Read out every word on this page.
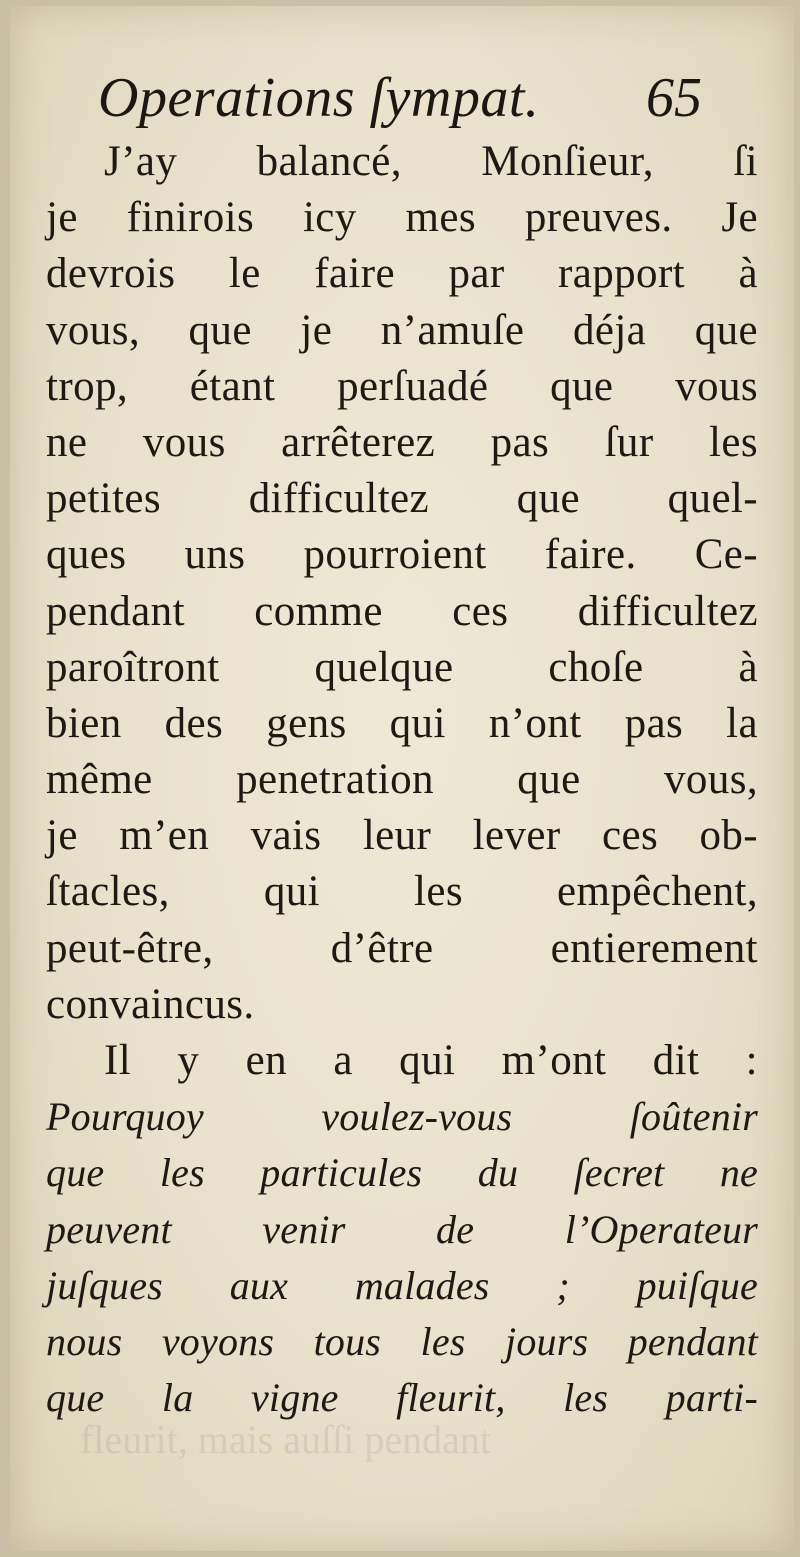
Operations ſympat. 65
J’ay balancé, Monſieur, ſi
je finirois icy mes preuves. Je
devrois le faire par rapport à
vous, que je n’amuſe déja que
trop, étant perſuadé que vous
ne vous arrêterez pas ſur les
petites difficultez que quel-
ques uns pourroient faire. Ce-
pendant comme ces difficultez
paroîtront quelque choſe à
bien des gens qui n’ont pas la
même penetration que vous,
je m’en vais leur lever ces ob-
ſtacles, qui les empêchent,
peut-être, d’être entierement
convaincus.
Il y en a qui m’ont dit :
Pourquoy voulez-vous ſoûtenir
que les particules du ſecret ne
peuvent venir de l’Operateur
juſques aux malades ; puiſque
nous voyons tous les jours pendant
que la vigne fleurit, les parti-
fleurit, mais auſſi pendant
